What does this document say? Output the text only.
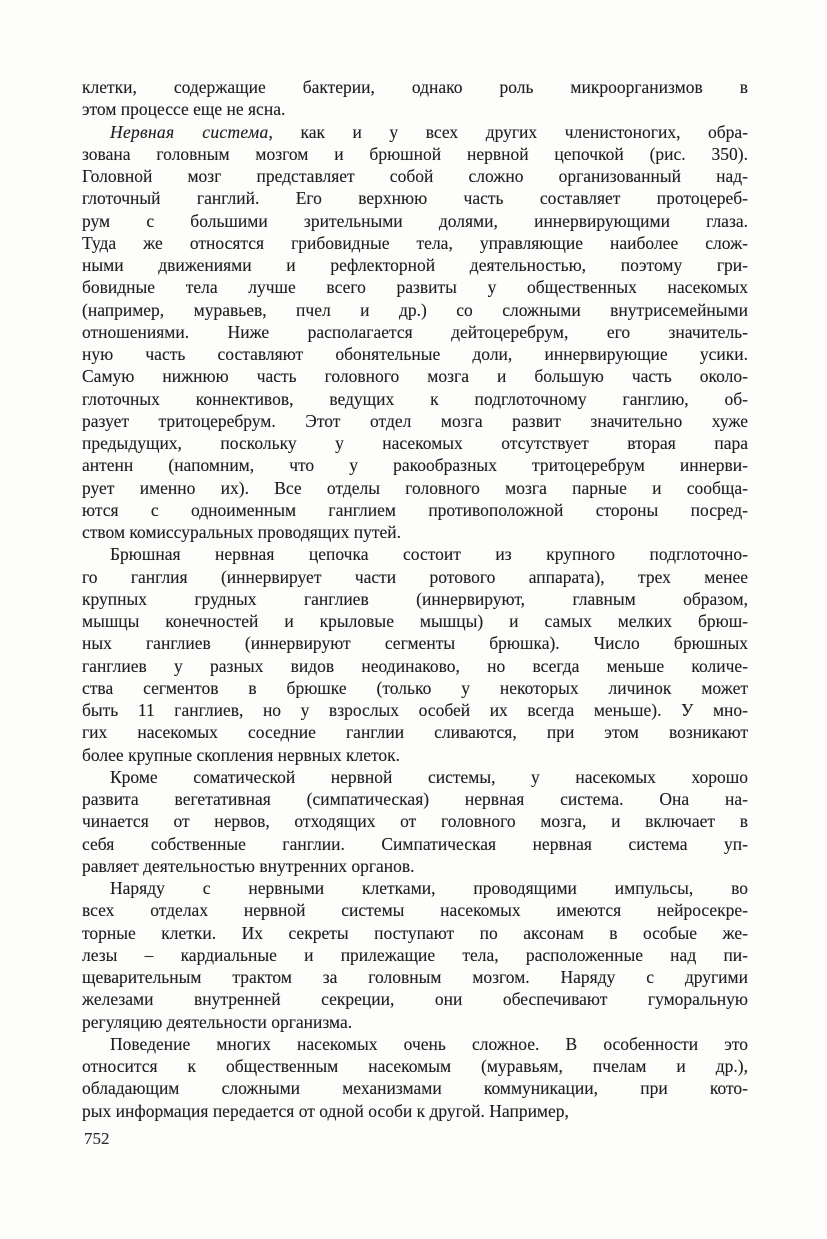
клетки, содержащие бактерии, однако роль микроорганизмов в
этом процессе еще не ясна.
Нервная система, как и у всех других членистоногих, обра-
зована головным мозгом и брюшной нервной цепочкой (рис. 350).
Головной мозг представляет собой сложно организованный над-
глоточный ганглий. Его верхнюю часть составляет протоцереб-
рум с большими зрительными долями, иннервирующими глаза.
Туда же относятся грибовидные тела, управляющие наиболее слож-
ными движениями и рефлекторной деятельностью, поэтому гри-
бовидные тела лучше всего развиты у общественных насекомых
(например, муравьев, пчел и др.) со сложными внутрисемейными
отношениями. Ниже располагается дейтоцеребрум, его значитель-
ную часть составляют обонятельные доли, иннервирующие усики.
Самую нижнюю часть головного мозга и большую часть около-
глоточных коннективов, ведущих к подглоточному ганглию, об-
разует тритоцеребрум. Этот отдел мозга развит значительно хуже
предыдущих, поскольку у насекомых отсутствует вторая пара
антенн (напомним, что у ракообразных тритоцеребрум иннерви-
рует именно их). Все отделы головного мозга парные и сообща-
ются с одноименным ганглием противоположной стороны посред-
ством комиссуральных проводящих путей.
Брюшная нервная цепочка состоит из крупного подглоточно-
го ганглия (иннервирует части ротового аппарата), трех менее
крупных грудных ганглиев (иннервируют, главным образом,
мышцы конечностей и крыловые мышцы) и самых мелких брюш-
ных ганглиев (иннервируют сегменты брюшка). Число брюшных
ганглиев у разных видов неодинаково, но всегда меньше количе-
ства сегментов в брюшке (только у некоторых личинок может
быть 11 ганглиев, но у взрослых особей их всегда меньше). У мно-
гих насекомых соседние ганглии сливаются, при этом возникают
более крупные скопления нервных клеток.
Кроме соматической нервной системы, у насекомых хорошо
развита вегетативная (симпатическая) нервная система. Она на-
чинается от нервов, отходящих от головного мозга, и включает в
себя собственные ганглии. Симпатическая нервная система уп-
равляет деятельностью внутренних органов.
Наряду с нервными клетками, проводящими импульсы, во
всех отделах нервной системы насекомых имеются нейросекре-
торные клетки. Их секреты поступают по аксонам в особые же-
лезы – кардиальные и прилежащие тела, расположенные над пи-
щеварительным трактом за головным мозгом. Наряду с другими
железами внутренней секреции, они обеспечивают гуморальную
регуляцию деятельности организма.
Поведение многих насекомых очень сложное. В особенности это
относится к общественным насекомым (муравьям, пчелам и др.),
обладающим сложными механизмами коммуникации, при кото-
рых информация передается от одной особи к другой. Например,
752
